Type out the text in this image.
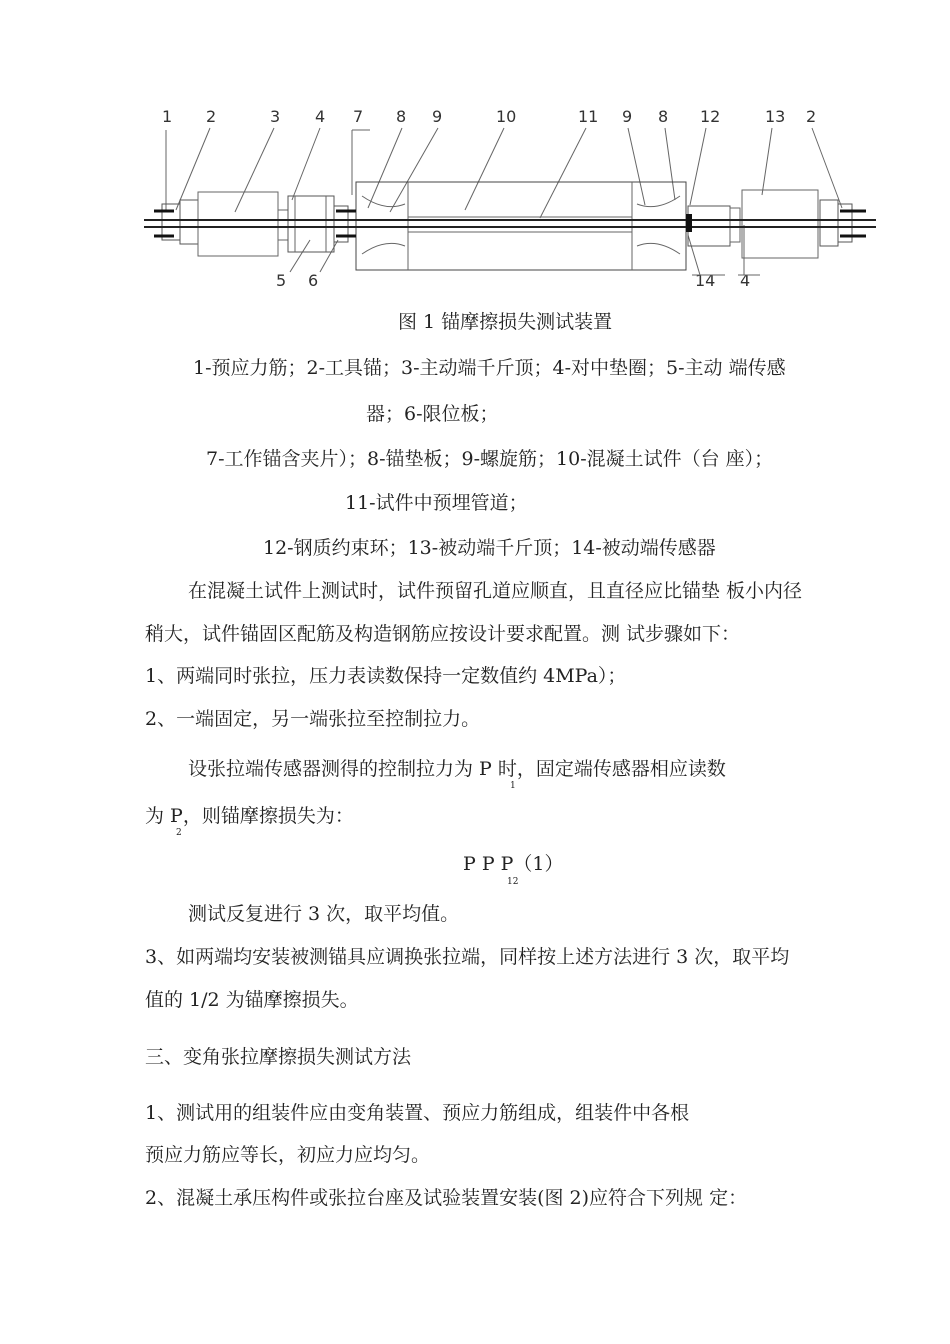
1 2	3 4 7 8 9	10	11 9 8 12	13 2
5 6	14 4
图 1 锚摩擦损失测试装置
1-预应力筋；2-工具锚；3-主动端千斤顶；4-对中垫圈；5-主动 端传感
器；6-限位板；
7-工作锚含夹片）；8-锚垫板；9-螺旋筋；10-混凝土试件（台 座）；
11-试件中预埋管道；
12-钢质约束环；13-被动端千斤顶；14-被动端传感器
在混凝土试件上测试时，试件预留孔道应顺直，且直径应比锚垫 板小内径
稍大，试件锚固区配筋及构造钢筋应按设计要求配置。测 试步骤如下：
1、两端同时张拉，压力表读数保持一定数值约 4MPa）；
2、一端固定，另一端张拉至控制拉力。
设张拉端传感器测得的控制拉力为 P 时，固定端传感器相应读数
1
为 P，则锚摩擦损失为：
2
P P P（1）
12
测试反复进行 3 次，取平均值。
3、如两端均安装被测锚具应调换张拉端，同样按上述方法进行 3 次，取平均
值的 1/2 为锚摩擦损失。
三、变角张拉摩擦损失测试方法
1、测试用的组装件应由变角装置、预应力筋组成，组装件中各根
预应力筋应等长，初应力应均匀。
2、混凝土承压构件或张拉台座及试验装置安装(图 2)应符合下列规 定：
